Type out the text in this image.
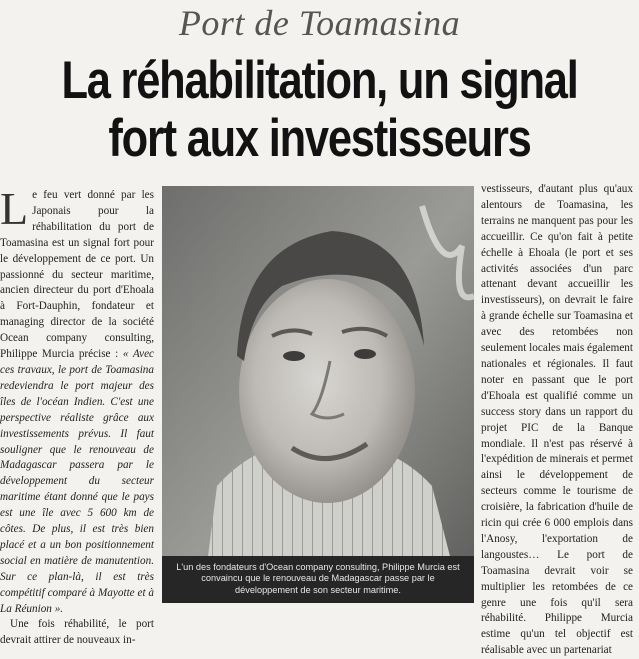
Port de Toamasina
La réhabilitation, un signal
fort aux investisseurs

Le feu vert donné par les Japonais pour la réhabilitation du port de Toamasina est un signal fort pour le développement de ce port. Un passionné du secteur maritime, ancien directeur du port d'Ehoala à Fort-Dauphin, fondateur et managing director de la société Ocean company consulting, Philippe Murcia précise : « Avec ces travaux, le port de Toamasina redeviendra le port majeur des îles de l'océan Indien. C'est une perspective réaliste grâce aux investissements prévus. Il faut souligner que le renouveau de Madagascar passera par le développement du secteur maritime étant donné que le pays est une île avec 5 600 km de côtes. De plus, il est très bien placé et a un bon positionnement social en matière de manutention. Sur ce plan-là, il est très compétitif comparé à Mayotte et à La Réunion ».

Une fois réhabilité, le port devrait attirer de nouveaux in-

L'un des fondateurs d'Ocean company consulting, Philippe Murcia est convaincu que le renouveau de Madagascar passe par le développement de son secteur maritime.

vestisseurs, d'autant plus qu'aux alentours de Toamasina, les terrains ne manquent pas pour les accueillir. Ce qu'on fait à petite échelle à Ehoala (le port et ses activités associées d'un parc attenant devant accueillir les investisseurs), on devrait le faire à grande échelle sur Toamasina et avec des retombées non seulement locales mais également nationales et régionales. Il faut noter en passant que le port d'Ehoala est qualifié comme un success story dans un rapport du projet PIC de la Banque mondiale. Il n'est pas réservé à l'expédition de minerais et permet ainsi le développement de secteurs comme le tourisme de croisière, la fabrication d'huile de ricin qui crée 6 000 emplois dans l'Anosy, l'exportation de langoustes… Le port de Toamasina devrait voir se multiplier les retombées de ce genre une fois qu'il sera réhabilité. Philippe Murcia estime qu'un tel objectif est réalisable avec un partenariat
